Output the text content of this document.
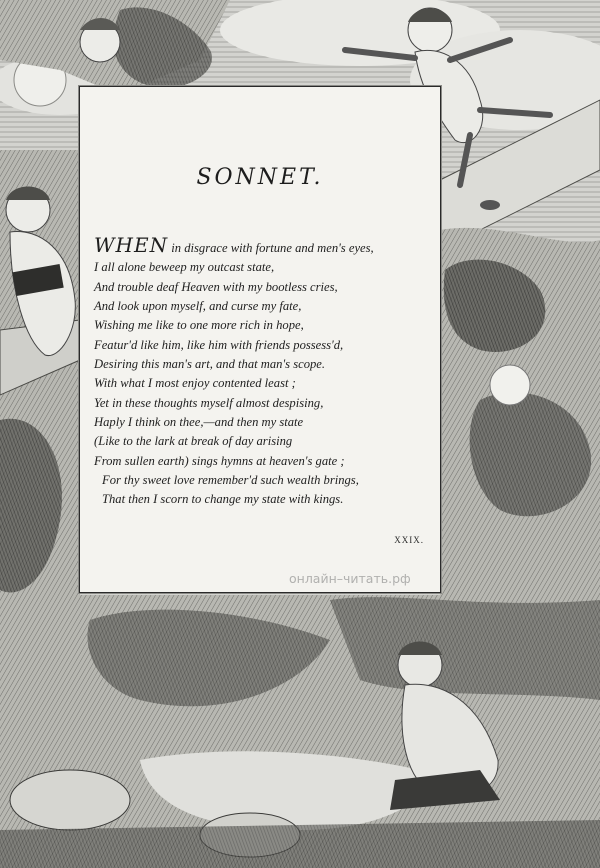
SONNET.
WHEN in disgrace with fortune and men's eyes,
I all alone beweep my outcast state,
And trouble deaf Heaven with my bootless cries,
And look upon myself, and curse my fate,
Wishing me like to one more rich in hope,
Featur'd like him, like him with friends possess'd,
Desiring this man's art, and that man's scope.
With what I most enjoy contented least ;
Yet in these thoughts myself almost despising,
Haply I think on thee,—and then my state
(Like to the lark at break of day arising
From sullen earth) sings hymns at heaven's gate ;
For thy sweet love remember'd such wealth brings,
That then I scorn to change my state with kings.
XXIX.
онлайн–читать.рф
